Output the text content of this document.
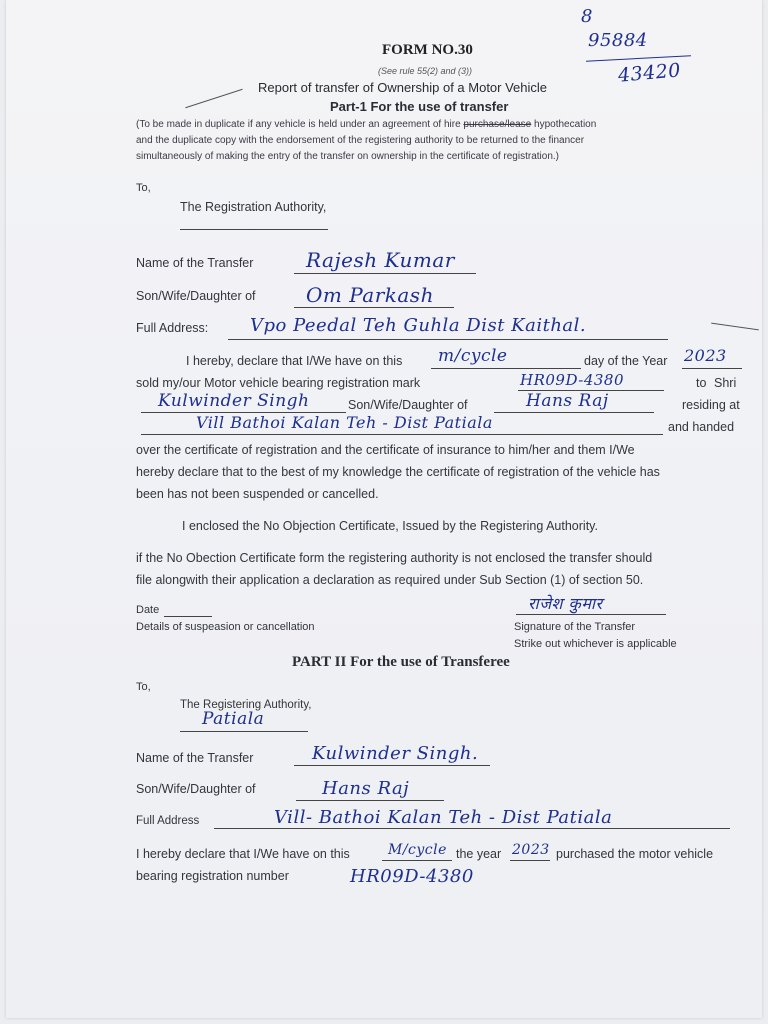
8
95884
43420
FORM NO.30
(See rule 55(2) and (3))
Report of transfer of Ownership of a Motor Vehicle
Part-1 For the use of transfer
(To be made in duplicate if any vehicle is held under an agreement of hire purchase/lease hypothecation
and the duplicate copy with the endorsement of the registering authority to be returned to the financer
simultaneously of making the entry of the transfer on ownership in the certificate of registration.)
To,
The Registration Authority,
Name of the Transfer	Rajesh Kumar
Son/Wife/Daughter of	Om Parkash
Full Address: Vpo Peedal Teh Guhla Dist Kaithal.
I hereby, declare that I/We have on this m/cycle	day of the Year 2023
sold my/our Motor vehicle bearing registration mark	HR09D-4380	to Shri
Kulwinder Singh	Son/Wife/Daughter of	Hans Raj	residing at
Vill Bathoi Kalan Teh - Dist Patiala	and handed
over the certificate of registration and the certificate of insurance to him/her and them I/We
hereby declare that to the best of my knowledge the certificate of registration of the vehicle has
been has not been suspended or cancelled.
I enclosed the No Objection Certificate, Issued by the Registering Authority.
if the No Obection Certificate form the registering authority is not enclosed the transfer should
file alongwith their application a declaration as required under Sub Section (1) of section 50.
Date
Details of suspeasion or cancellation
राजेश कुमार
Signature of the Transfer
Strike out whichever is applicable
PART II For the use of Transferee
To,
The Registering Authority,
Patiala
Name of the Transfer	Kulwinder Singh.
Son/Wife/Daughter of	Hans Raj
Full Address	Vill- Bathoi Kalan Teh - Dist Patiala
I hereby declare that I/We have on this	M/cycle the year 2023 purchased the motor vehicle
bearing registration number	HR09D-4380
